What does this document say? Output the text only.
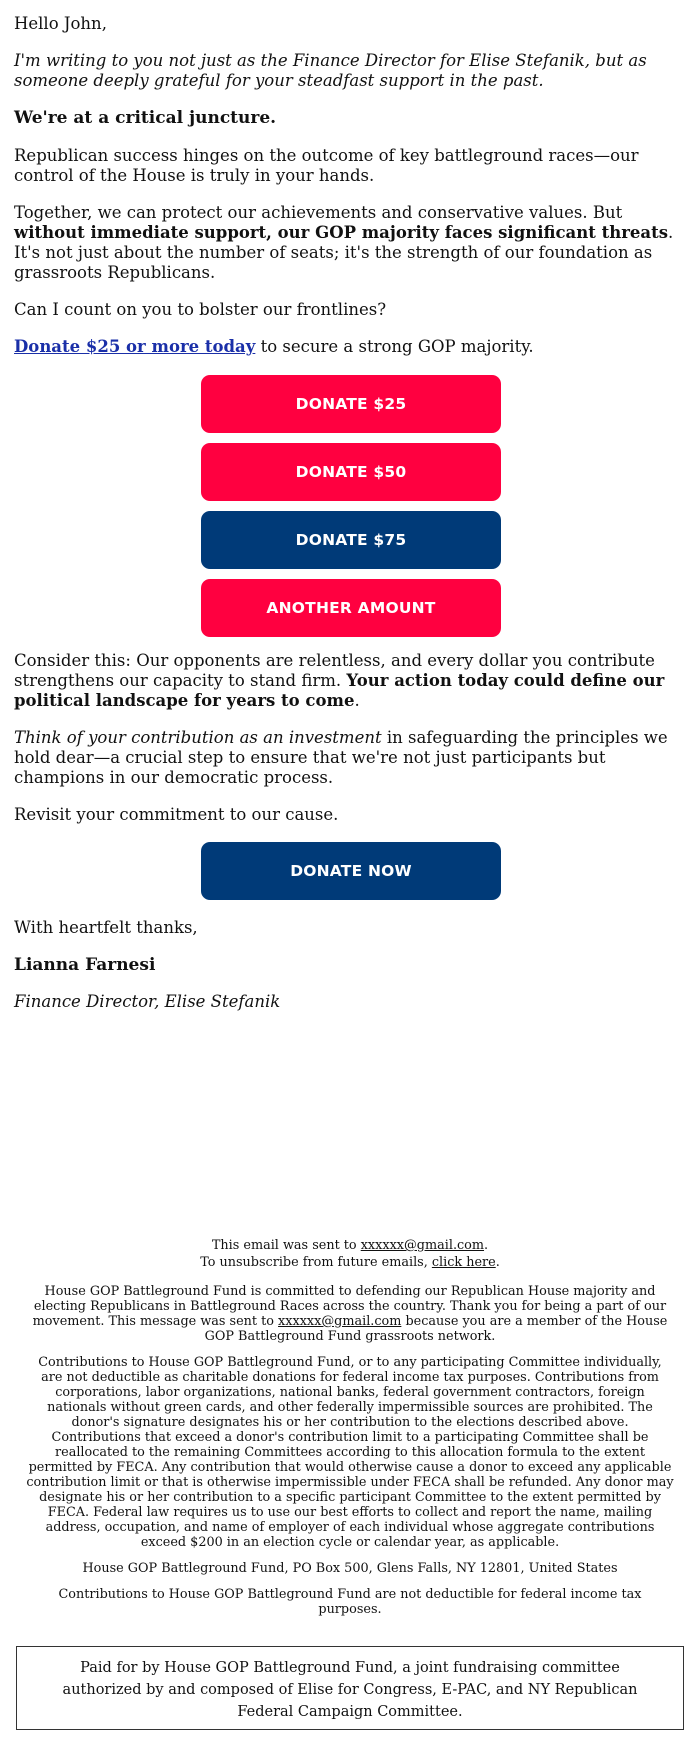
Hello John,

I'm writing to you not just as the Finance Director for Elise Stefanik, but as someone deeply grateful for your steadfast support in the past.

We're at a critical juncture.

Republican success hinges on the outcome of key battleground races—our control of the House is truly in your hands.

Together, we can protect our achievements and conservative values. But without immediate support, our GOP majority faces significant threats. It's not just about the number of seats; it's the strength of our foundation as grassroots Republicans.

Can I count on you to bolster our frontlines?

Donate $25 or more today to secure a strong GOP majority.

DONATE $25
DONATE $50
DONATE $75
ANOTHER AMOUNT

Consider this: Our opponents are relentless, and every dollar you contribute strengthens our capacity to stand firm. Your action today could define our political landscape for years to come.

Think of your contribution as an investment in safeguarding the principles we hold dear—a crucial step to ensure that we're not just participants but champions in our democratic process.

Revisit your commitment to our cause.

DONATE NOW

With heartfelt thanks,

Lianna Farnesi

Finance Director, Elise Stefanik

This email was sent to xxxxxx@gmail.com.

To unsubscribe from future emails, click here.

House GOP Battleground Fund is committed to defending our Republican House majority and electing Republicans in Battleground Races across the country. Thank you for being a part of our movement. This message was sent to xxxxxx@gmail.com because you are a member of the House GOP Battleground Fund grassroots network.

Contributions to House GOP Battleground Fund, or to any participating Committee individually, are not deductible as charitable donations for federal income tax purposes. Contributions from corporations, labor organizations, national banks, federal government contractors, foreign nationals without green cards, and other federally impermissible sources are prohibited. The donor's signature designates his or her contribution to the elections described above. Contributions that exceed a donor's contribution limit to a participating Committee shall be reallocated to the remaining Committees according to this allocation formula to the extent permitted by FECA. Any contribution that would otherwise cause a donor to exceed any applicable contribution limit or that is otherwise impermissible under FECA shall be refunded. Any donor may designate his or her contribution to a specific participant Committee to the extent permitted by FECA. Federal law requires us to use our best efforts to collect and report the name, mailing address, occupation, and name of employer of each individual whose aggregate contributions exceed $200 in an election cycle or calendar year, as applicable.

House GOP Battleground Fund, PO Box 500, Glens Falls, NY 12801, United States

Contributions to House GOP Battleground Fund are not deductible for federal income tax purposes.

Paid for by House GOP Battleground Fund, a joint fundraising committee authorized by and composed of Elise for Congress, E-PAC, and NY Republican Federal Campaign Committee.
